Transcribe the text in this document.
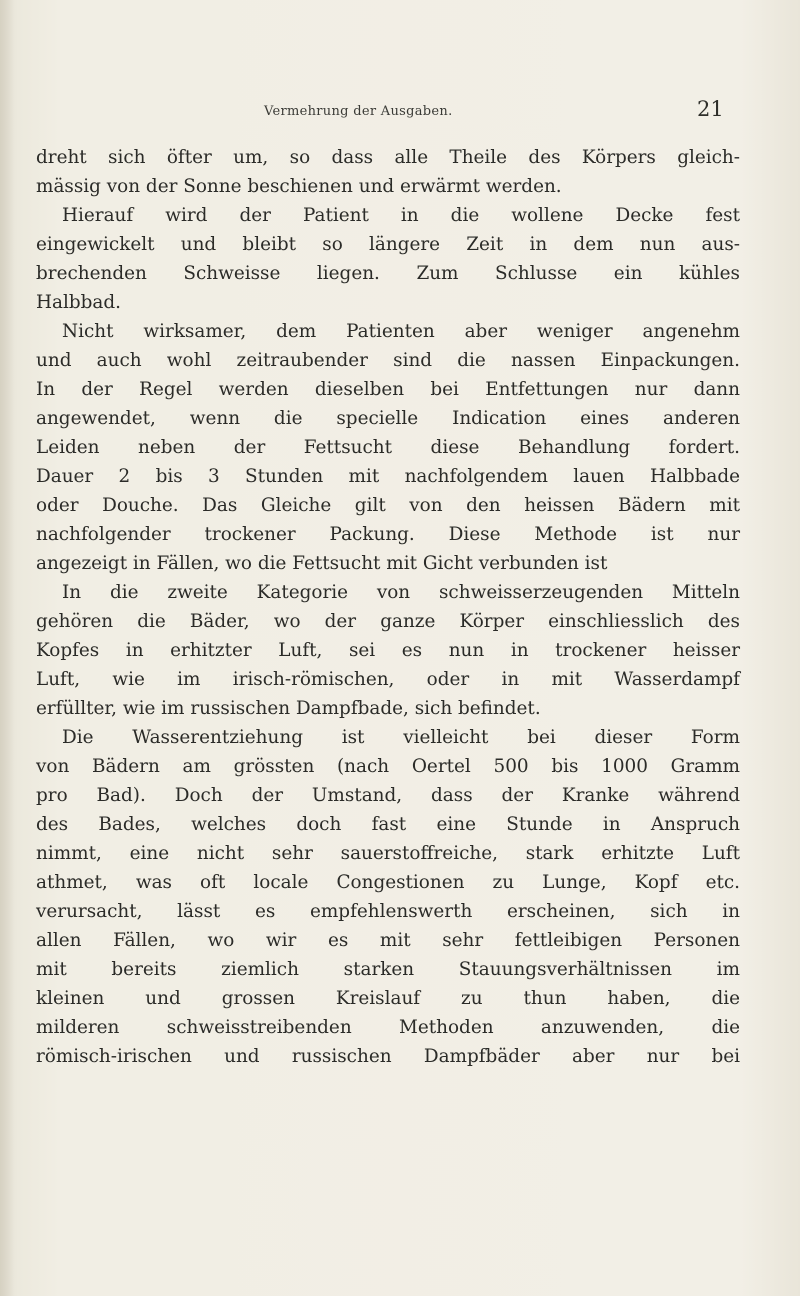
Vermehrung der Ausgaben.	21
dreht sich öfter um, so dass alle Theile des Körpers gleich-
mässig von der Sonne beschienen und erwärmt werden.
Hierauf wird der Patient in die wollene Decke fest
eingewickelt und bleibt so längere Zeit in dem nun aus-
brechenden Schweisse liegen. Zum Schlusse ein kühles
Halbbad.
Nicht wirksamer, dem Patienten aber weniger angenehm
und auch wohl zeitraubender sind die nassen Einpackungen.
In der Regel werden dieselben bei Entfettungen nur dann
angewendet, wenn die specielle Indication eines anderen
Leiden neben der Fettsucht diese Behandlung fordert.
Dauer 2 bis 3 Stunden mit nachfolgendem lauen Halbbade
oder Douche. Das Gleiche gilt von den heissen Bädern mit
nachfolgender trockener Packung. Diese Methode ist nur
angezeigt in Fällen, wo die Fettsucht mit Gicht verbunden ist
In die zweite Kategorie von schweisserzeugenden Mitteln
gehören die Bäder, wo der ganze Körper einschliesslich des
Kopfes in erhitzter Luft, sei es nun in trockener heisser
Luft, wie im irisch-römischen, oder in mit Wasserdampf
erfüllter, wie im russischen Dampfbade, sich befindet.
Die Wasserentziehung ist vielleicht bei dieser Form
von Bädern am grössten (nach Oertel 500 bis 1000 Gramm
pro Bad). Doch der Umstand, dass der Kranke während
des Bades, welches doch fast eine Stunde in Anspruch
nimmt, eine nicht sehr sauerstoffreiche, stark erhitzte Luft
athmet, was oft locale Congestionen zu Lunge, Kopf etc.
verursacht, lässt es empfehlenswerth erscheinen, sich in
allen Fällen, wo wir es mit sehr fettleibigen Personen
mit bereits ziemlich starken Stauungsverhältnissen im
kleinen und grossen Kreislauf zu thun haben, die
milderen schweisstreibenden Methoden anzuwenden, die
römisch-irischen und russischen Dampfbäder aber nur bei
